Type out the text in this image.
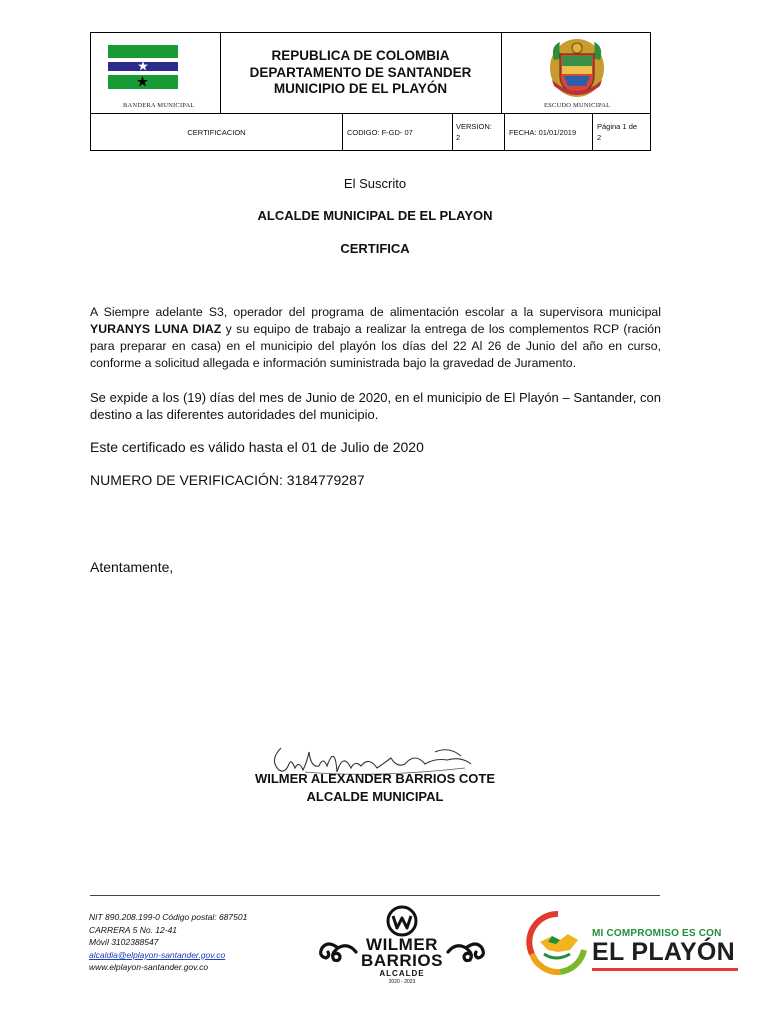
BANDERA MUNICIPAL
REPUBLICA DE COLOMBIA
DEPARTAMENTO DE SANTANDER
MUNICIPIO DE EL PLAYÓN
ESCUDO MUNICIPAL
CERTIFICACION	CODIGO: F-GD- 07
VERSION:
2
FECHA: 01/01/2019
Página 1 de
2
El Suscrito
ALCALDE MUNICIPAL DE EL PLAYON
CERTIFICA
A Siempre adelante S3, operador del programa de alimentación escolar a la supervisora municipal YURANYS LUNA DIAZ y su equipo de trabajo a realizar la entrega de los complementos RCP (ración para preparar en casa) en el municipio del playón los días del 22 Al 26 de Junio del año en curso, conforme a solicitud allegada e información suministrada bajo la gravedad de Juramento.
Se expide a los (19) días del mes de Junio de 2020, en el municipio de El Playón – Santander, con destino a las diferentes autoridades del municipio.
Este certificado es válido hasta el 01 de Julio de 2020
NUMERO DE VERIFICACIÓN: 3184779287
Atentamente,
WILMER ALEXANDER BARRIOS COTE
ALCALDE MUNICIPAL
NIT 890.208.199-0 Código postal: 687501
CARRERA 5 No. 12-41
Móvil 3102388547
alcaldia@elplayon-santander.gov.co
www.elplayon-santander.gov.co
WILMER
BARRIOS
ALCALDE
2020 - 2023
MI COMPROMISO ES CON
EL PLAYÓN
